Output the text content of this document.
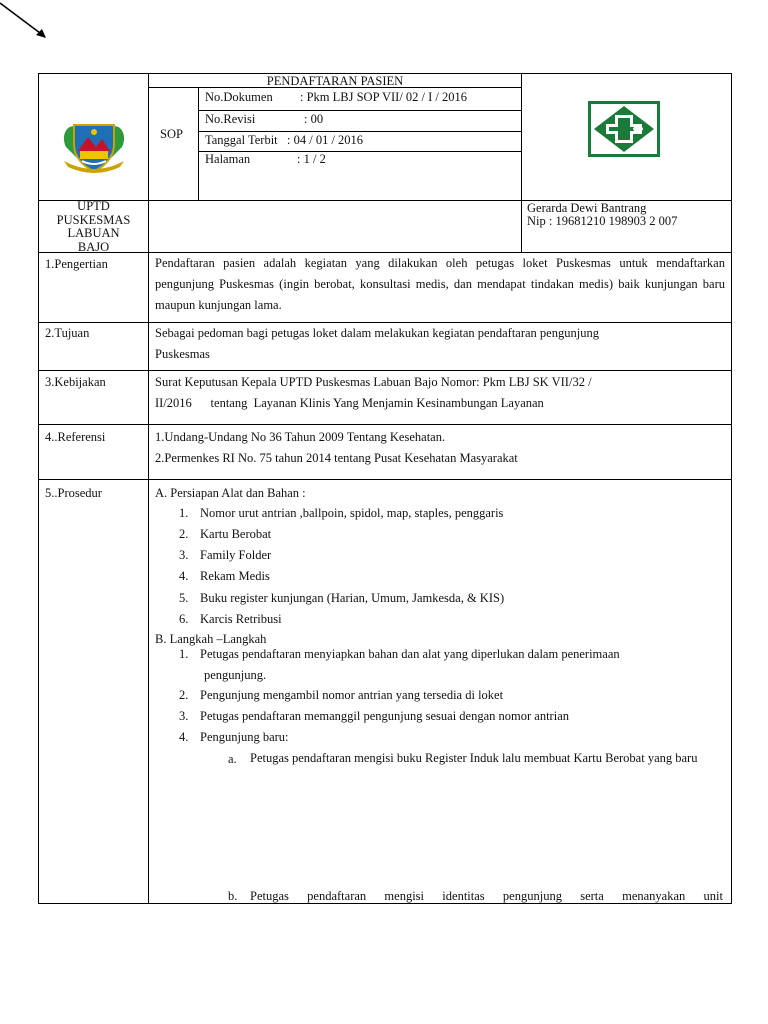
PENDAFTARAN PASIEN
SOP
No.Dokumen : Pkm LBJ SOP VII/ 02 / I / 2016
No.Revisi	: 00
Tanggal Terbit : 04 / 01 / 2016
Halaman	: 1 / 2
UPTD
PUSKESMAS
LABUAN
BAJO
Gerarda Dewi Bantrang
Nip : 19681210 198903 2 007
1.Pengertian	Pendaftaran pasien adalah kegiatan yang dilakukan oleh petugas loket Puskesmas untuk mendaftarkan pengunjung Puskesmas (ingin berobat, konsultasi medis, dan mendapat tindakan medis) baik kunjungan baru maupun kunjungan lama.
2.Tujuan	Sebagai pedoman bagi petugas loket dalam melakukan kegiatan pendaftaran pengunjung
Puskesmas
3.Kebijakan	Surat Keputusan Kepala UPTD Puskesmas Labuan Bajo Nomor: Pkm LBJ SK VII/32 /
II/2016      tentang  Layanan Klinis Yang Menjamin Kesinambungan Layanan
4..Referensi	1.Undang-Undang No 36 Tahun 2009 Tentang Kesehatan.
2.Permenkes RI No. 75 tahun 2014 tentang Pusat Kesehatan Masyarakat
5..Prosedur	A. Persiapan Alat dan Bahan :
1. Nomor urut antrian ,ballpoin, spidol, map, staples, penggaris
2. Kartu Berobat
3. Family Folder
4. Rekam Medis
5. Buku register kunjungan (Harian, Umum, Jamkesda, & KIS)
6. Karcis Retribusi
B. Langkah –Langkah
1. Petugas pendaftaran menyiapkan bahan dan alat yang diperlukan dalam penerimaan
pengunjung.
2. Pengunjung mengambil nomor antrian yang tersedia di loket
3. Petugas pendaftaran memanggil pengunjung sesuai dengan nomor antrian
4. Pengunjung baru:
a. Petugas pendaftaran mengisi buku Register Induk lalu membuat Kartu Berobat yang baru
b. Petugas pendaftaran mengisi identitas pengunjung serta menanyakan unit
